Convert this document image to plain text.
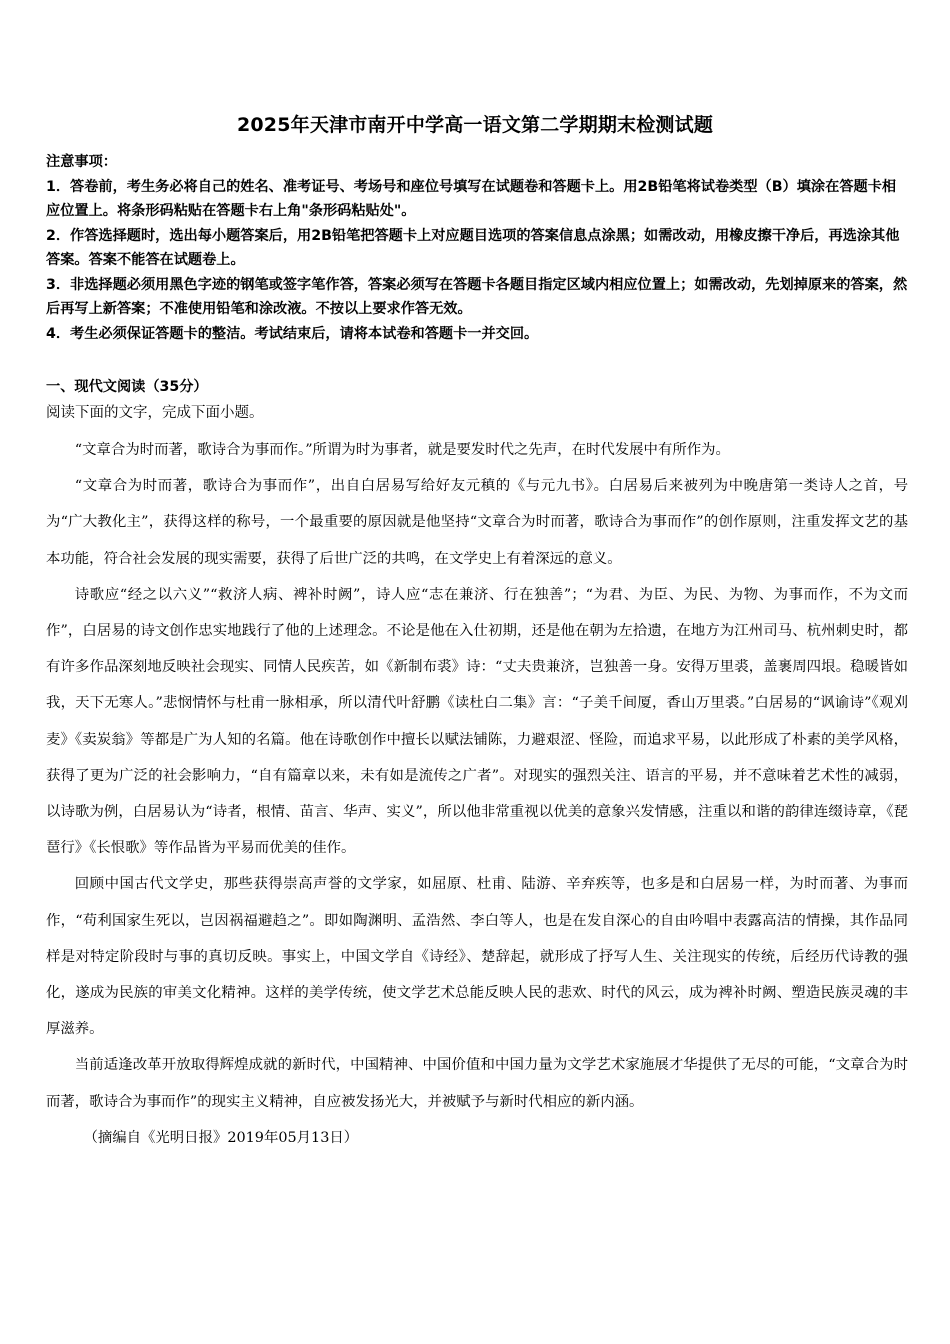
2025年天津市南开中学高一语文第二学期期末检测试题

注意事项：

1．答卷前，考生务必将自己的姓名、准考证号、考场号和座位号填写在试题卷和答题卡上。用2B铅笔将试卷类型（B）填涂在答题卡相应位置上。将条形码粘贴在答题卡右上角"条形码粘贴处"。

2．作答选择题时，选出每小题答案后，用2B铅笔把答题卡上对应题目选项的答案信息点涂黑；如需改动，用橡皮擦干净后，再选涂其他答案。答案不能答在试题卷上。

3．非选择题必须用黑色字迹的钢笔或签字笔作答，答案必须写在答题卡各题目指定区域内相应位置上；如需改动，先划掉原来的答案，然后再写上新答案；不准使用铅笔和涂改液。不按以上要求作答无效。

4．考生必须保证答题卡的整洁。考试结束后，请将本试卷和答题卡一并交回。

一、现代文阅读（35分）
阅读下面的文字，完成下面小题。

“文章合为时而著，歌诗合为事而作。”所谓为时为事者，就是要发时代之先声，在时代发展中有所作为。

“文章合为时而著，歌诗合为事而作”，出自白居易写给好友元稹的《与元九书》。白居易后来被列为中晚唐第一类诗人之首，号为“广大教化主”，获得这样的称号，一个最重要的原因就是他坚持“文章合为时而著，歌诗合为事而作”的创作原则，注重发挥文艺的基本功能，符合社会发展的现实需要，获得了后世广泛的共鸣，在文学史上有着深远的意义。

诗歌应“经之以六义”“救济人病、裨补时阙”，诗人应“志在兼济、行在独善”；“为君、为臣、为民、为物、为事而作，不为文而作”，白居易的诗文创作忠实地践行了他的上述理念。不论是他在入仕初期，还是他在朝为左拾遗，在地方为江州司马、杭州刺史时，都有许多作品深刻地反映社会现实、同情人民疾苦，如《新制布裘》诗：“丈夫贵兼济，岂独善一身。安得万里裘，盖裹周四垠。稳暖皆如我，天下无寒人。”悲悯情怀与杜甫一脉相承，所以清代叶舒鹏《读杜白二集》言：“子美千间厦，香山万里裘。”白居易的“讽谕诗”《观刈麦》《卖炭翁》等都是广为人知的名篇。他在诗歌创作中擅长以赋法铺陈，力避艰涩、怪险，而追求平易，以此形成了朴素的美学风格，获得了更为广泛的社会影响力，“自有篇章以来，未有如是流传之广者”。对现实的强烈关注、语言的平易，并不意味着艺术性的减弱，以诗歌为例，白居易认为“诗者，根情、苗言、华声、实义”，所以他非常重视以优美的意象兴发情感，注重以和谐的韵律连缀诗章，《琵琶行》《长恨歌》等作品皆为平易而优美的佳作。

回顾中国古代文学史，那些获得崇高声誉的文学家，如屈原、杜甫、陆游、辛弃疾等，也多是和白居易一样，为时而著、为事而作，“苟利国家生死以，岂因祸福避趋之”。即如陶渊明、孟浩然、李白等人，也是在发自深心的自由吟唱中表露高洁的情操，其作品同样是对特定阶段时与事的真切反映。事实上，中国文学自《诗经》、楚辞起，就形成了抒写人生、关注现实的传统，后经历代诗教的强化，遂成为民族的审美文化精神。这样的美学传统，使文学艺术总能反映人民的悲欢、时代的风云，成为裨补时阙、塑造民族灵魂的丰厚滋养。

当前适逢改革开放取得辉煌成就的新时代，中国精神、中国价值和中国力量为文学艺术家施展才华提供了无尽的可能，“文章合为时而著，歌诗合为事而作”的现实主义精神，自应被发扬光大，并被赋予与新时代相应的新内涵。

（摘编自《光明日报》2019年05月13日）
